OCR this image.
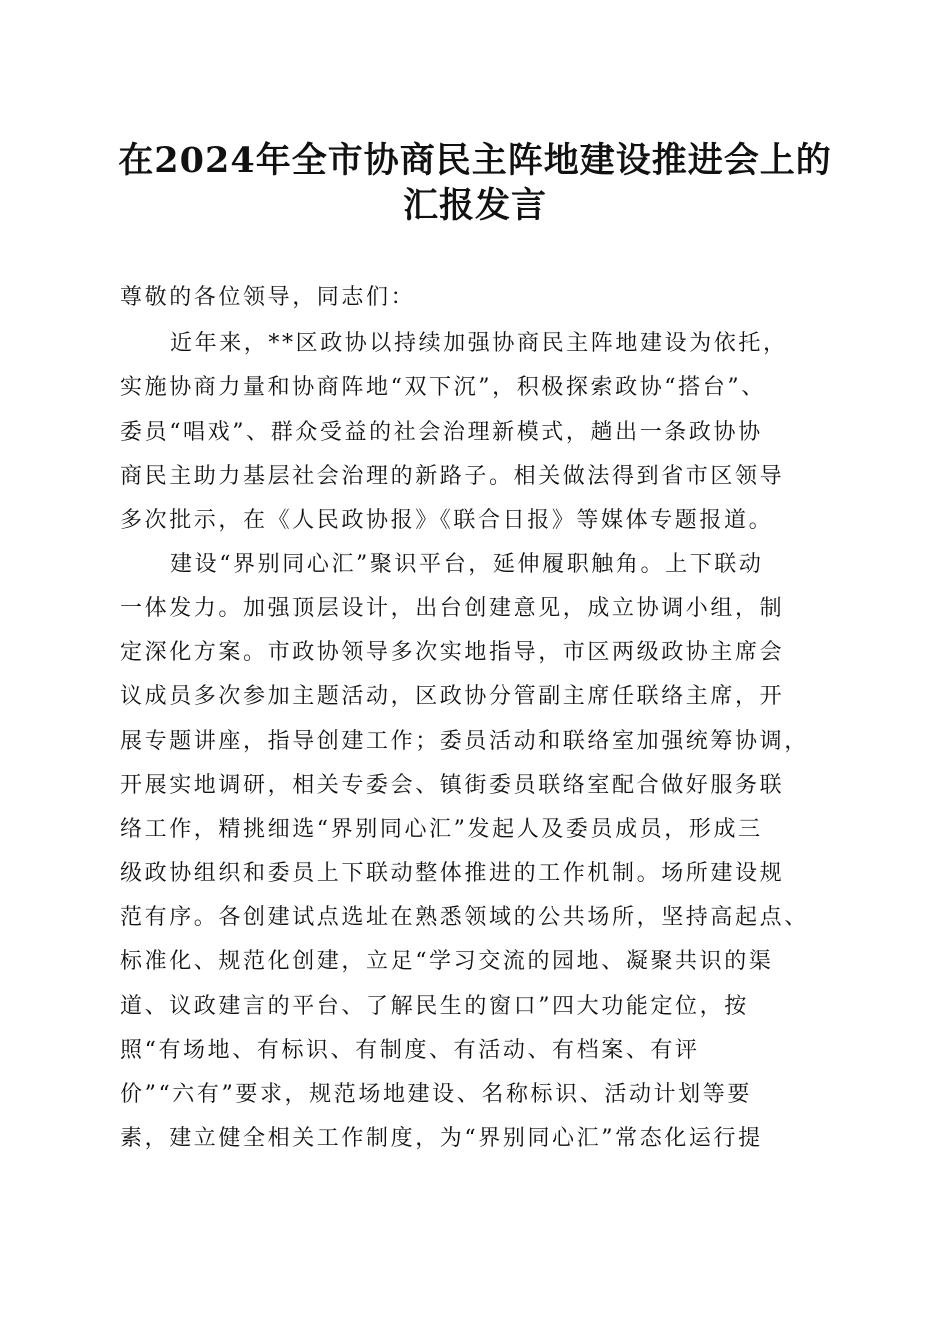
在2024年全市协商民主阵地建设推进会上的
汇报发言
尊敬的各位领导，同志们：
近年来，**区政协以持续加强协商民主阵地建设为依托，
实施协商力量和协商阵地“双下沉”，积极探索政协“搭台”、
委员“唱戏”、群众受益的社会治理新模式，趟出一条政协协
商民主助力基层社会治理的新路子。相关做法得到省市区领导
多次批示，在《人民政协报》《联合日报》等媒体专题报道。
建设“界别同心汇”聚识平台，延伸履职触角。上下联动
一体发力。加强顶层设计，出台创建意见，成立协调小组，制
定深化方案。市政协领导多次实地指导，市区两级政协主席会
议成员多次参加主题活动，区政协分管副主席任联络主席，开
展专题讲座，指导创建工作；委员活动和联络室加强统筹协调，
开展实地调研，相关专委会、镇街委员联络室配合做好服务联
络工作，精挑细选“界别同心汇”发起人及委员成员，形成三
级政协组织和委员上下联动整体推进的工作机制。场所建设规
范有序。各创建试点选址在熟悉领域的公共场所，坚持高起点、
标准化、规范化创建，立足“学习交流的园地、凝聚共识的渠
道、议政建言的平台、了解民生的窗口”四大功能定位，按
照“有场地、有标识、有制度、有活动、有档案、有评
价”“六有”要求，规范场地建设、名称标识、活动计划等要
素，建立健全相关工作制度，为“界别同心汇”常态化运行提
